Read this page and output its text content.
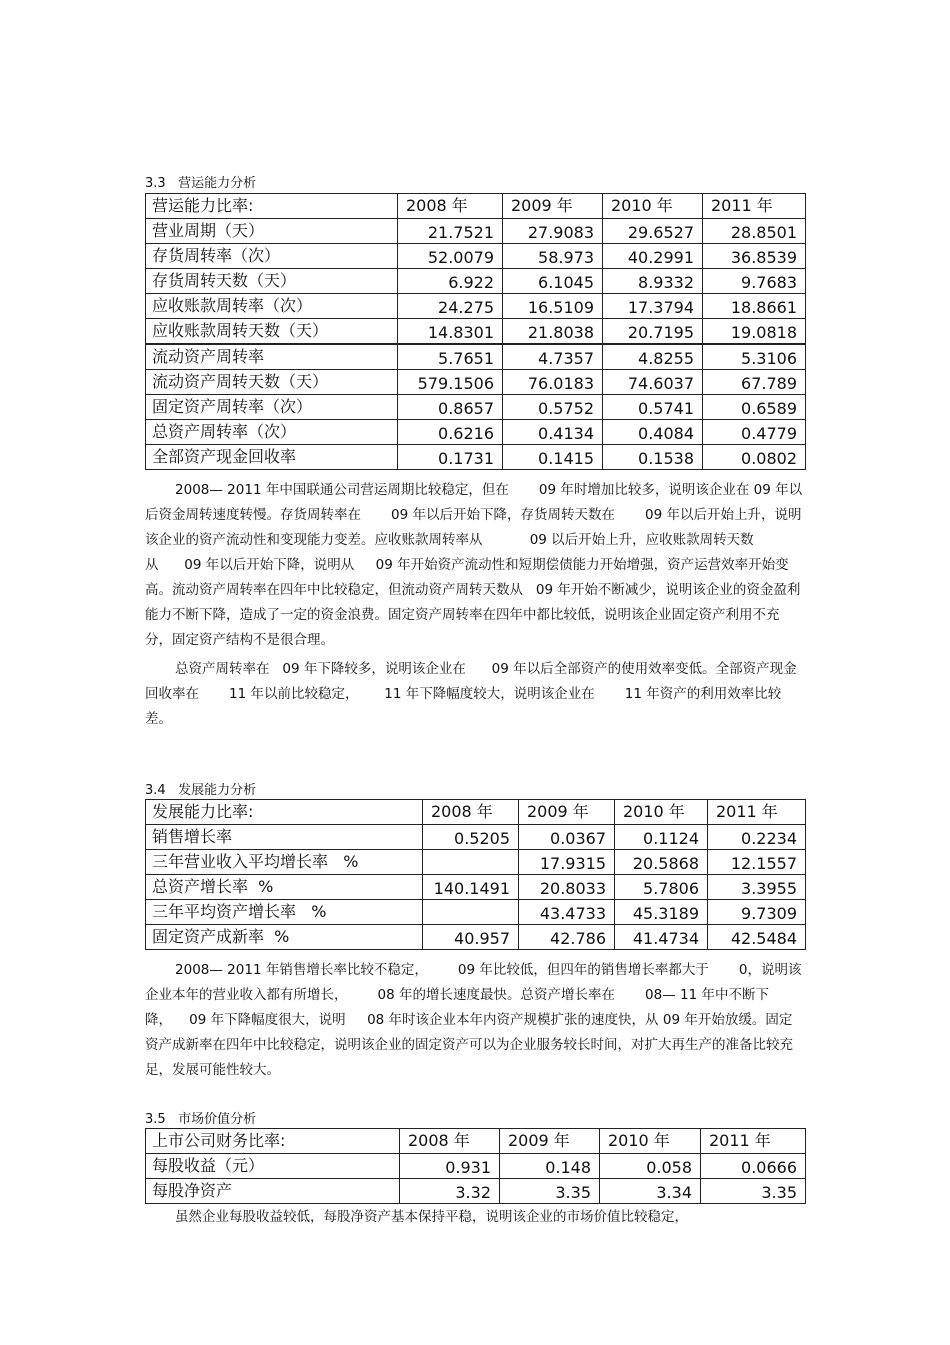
3.3   营运能力分析
营运能力比率:	2008 年	2009 年	2010 年	2011 年
营业周期（天）	21.7521	27.9083	29.6527	28.8501
存货周转率（次）	52.0079	58.973	40.2991	36.8539
存货周转天数（天）	6.922	6.1045	8.9332	9.7683
应收账款周转率（次）	24.275	16.5109	17.3794	18.8661
应收账款周转天数（天）	14.8301	21.8038	20.7195	19.0818
流动资产周转率	5.7651	4.7357	4.8255	5.3106
流动资产周转天数（天）	579.1506	76.0183	74.6037	67.789
固定资产周转率（次）	0.8657	0.5752	0.5741	0.6589
总资产周转率（次）	0.6216	0.4134	0.4084	0.4779
全部资产现金回收率	0.1731	0.1415	0.1538	0.0802

2008— 2011 年中国联通公司营运周期比较稳定，但在       09 年时增加比较多，说明该企业在 09 年以后资金周转速度转慢。存货周转率在       09 年以后开始下降，存货周转天数在       09 年以后开始上升，说明该企业的资产流动性和变现能力变差。应收账款周转率从           09 以后开始上升，应收账款周转天数从      09 年以后开始下降，说明从     09 年开始资产流动性和短期偿债能力开始增强，资产运营效率开始变高。流动资产周转率在四年中比较稳定，但流动资产周转天数从   09 年开始不断减少，说明该企业的资金盈利能力不断下降，造成了一定的资金浪费。固定资产周转率在四年中都比较低，说明该企业固定资产利用不充分，固定资产结构不是很合理。

总资产周转率在   09 年下降较多，说明该企业在      09 年以后全部资产的使用效率变低。全部资产现金回收率在       11 年以前比较稳定，      11 年下降幅度较大，说明该企业在       11 年资产的利用效率比较差。

3.4   发展能力分析
发展能力比率:	2008 年	2009 年	2010 年	2011 年
销售增长率	0.5205	0.0367	0.1124	0.2234
三年营业收入平均增长率   %		17.9315	20.5868	12.1557
总资产增长率  %	140.1491	20.8033	5.7806	3.3955
三年平均资产增长率   %		43.4733	45.3189	9.7309
固定资产成新率  %	40.957	42.786	41.4734	42.5484

2008— 2011 年销售增长率比较不稳定，       09 年比较低，但四年的销售增长率都大于       0，说明该企业本年的营业收入都有所增长，       08 年的增长速度最快。总资产增长率在       08— 11 年中不断下降，    09 年下降幅度很大，说明     08 年时该企业本年内资产规模扩张的速度快，从 09 年开始放缓。固定资产成新率在四年中比较稳定，说明该企业的固定资产可以为企业服务较长时间，对扩大再生产的准备比较充足，发展可能性较大。

3.5   市场价值分析
上市公司财务比率:	2008 年	2009 年	2010 年	2011 年
每股收益（元）	0.931	0.148	0.058	0.0666
每股净资产	3.32	3.35	3.34	3.35

虽然企业每股收益较低，每股净资产基本保持平稳，说明该企业的市场价值比较稳定，
